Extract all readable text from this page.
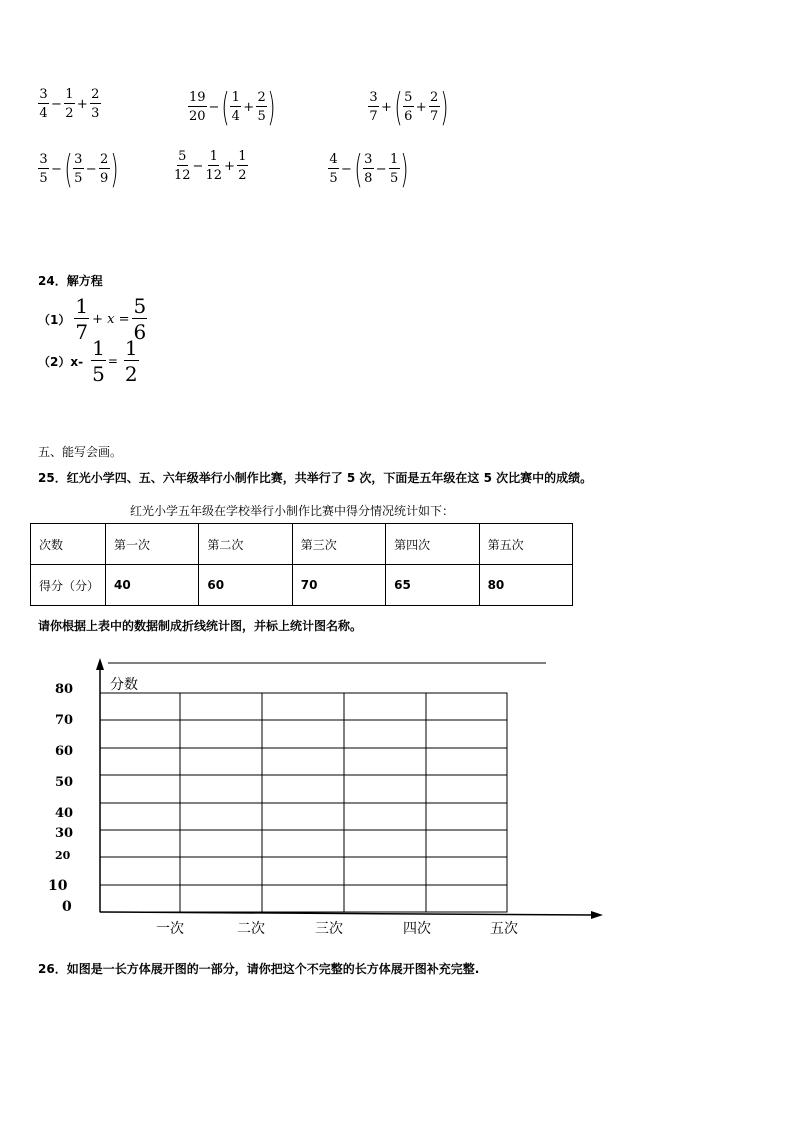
$\frac{3}{4} - \frac{1}{2} + \frac{2}{3}$	$\frac{19}{20}$ − ( $\frac{1}{4} + \frac{2}{5}$ )	$\frac{3}{7}$ + ( $\frac{5}{6} + \frac{2}{7}$ )
$\frac{3}{5}$ − ( $\frac{3}{5} - \frac{2}{9}$ )	$\frac{5}{12} - \frac{1}{12} + \frac{1}{2}$	$\frac{4}{5}$ − ( $\frac{3}{8} - \frac{1}{5}$ )
24．解方程
$(1) \frac{1}{7} + x = \frac{5}{6}$
$(2)x- \frac{1}{5} = \frac{1}{2}$
五、能写会画。
25．红光小学四、五、六年级举行小制作比赛，共举行了 5 次，下面是五年级在这 5 次比赛中的成绩。
红光小学五年级在学校举行小制作比赛中得分情况统计如下：
次数	第一次	第二次	第三次	第四次	第五次
得分（分）	40	60	70	65	80
请你根据上表中的数据制成折线统计图，并标上统计图名称。
分数
80
70
60
50
40
30
20
10
0
一次	二次	三次	四次	五次
26．如图是一长方体展开图的一部分，请你把这个不完整的长方体展开图补充完整.
